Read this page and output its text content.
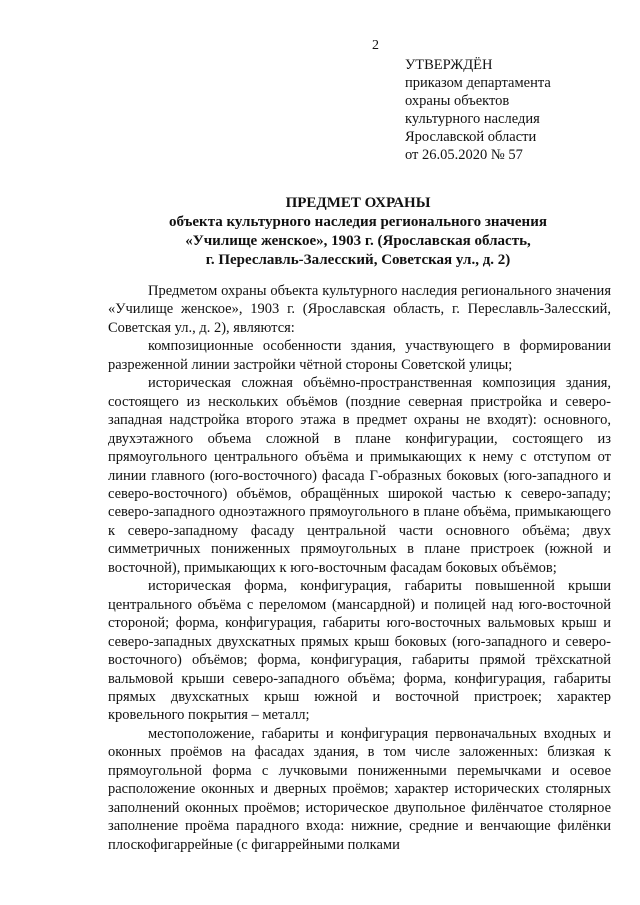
2
УТВЕРЖДЁН
приказом департамента
охраны объектов
культурного наследия
Ярославской области
от 26.05.2020 № 57
ПРЕДМЕТ ОХРАНЫ
объекта культурного наследия регионального значения
«Училище женское», 1903 г. (Ярославская область,
г. Переславль-Залесский, Советская ул., д. 2)

Предметом охраны объекта культурного наследия регионального значения «Училище женское», 1903 г. (Ярославская область, г. Переславль-Залесский, Советская ул., д. 2), являются:

композиционные особенности здания, участвующего в формировании разреженной линии застройки чётной стороны Советской улицы;

историческая сложная объёмно-пространственная композиция здания, состоящего из нескольких объёмов (поздние северная пристройка и северо-западная надстройка второго этажа в предмет охраны не входят): основного, двухэтажного объема сложной в плане конфигурации, состоящего из прямоугольного центрального объёма и примыкающих к нему с отступом от линии главного (юго-восточного) фасада Г-образных боковых (юго-западного и северо-восточного) объёмов, обращённых широкой частью к северо-западу; северо-западного одноэтажного прямоугольного в плане объёма, примыкающего к северо-западному фасаду центральной части основного объёма; двух симметричных пониженных прямоугольных в плане пристроек (южной и восточной), примыкающих к юго-восточным фасадам боковых объёмов;

историческая форма, конфигурация, габариты повышенной крыши центрального объёма с переломом (мансардной) и полицей над юго-восточной стороной; форма, конфигурация, габариты юго-восточных вальмовых крыш и северо-западных двухскатных прямых крыш боковых (юго-западного и северо-восточного) объёмов; форма, конфигурация, габариты прямой трёхскатной вальмовой крыши северо-западного объёма; форма, конфигурация, габариты прямых двухскатных крыш южной и восточной пристроек; характер кровельного покрытия – металл;

местоположение, габариты и конфигурация первоначальных входных и оконных проёмов на фасадах здания, в том числе заложенных: близкая к прямоугольной форма с лучковыми пониженными перемычками и осевое расположение оконных и дверных проёмов; характер исторических столярных заполнений оконных проёмов; историческое двупольное филёнчатое столярное заполнение проёма парадного входа: нижние, средние и венчающие филёнки плоскофигаррейные (с фигаррейными полками
